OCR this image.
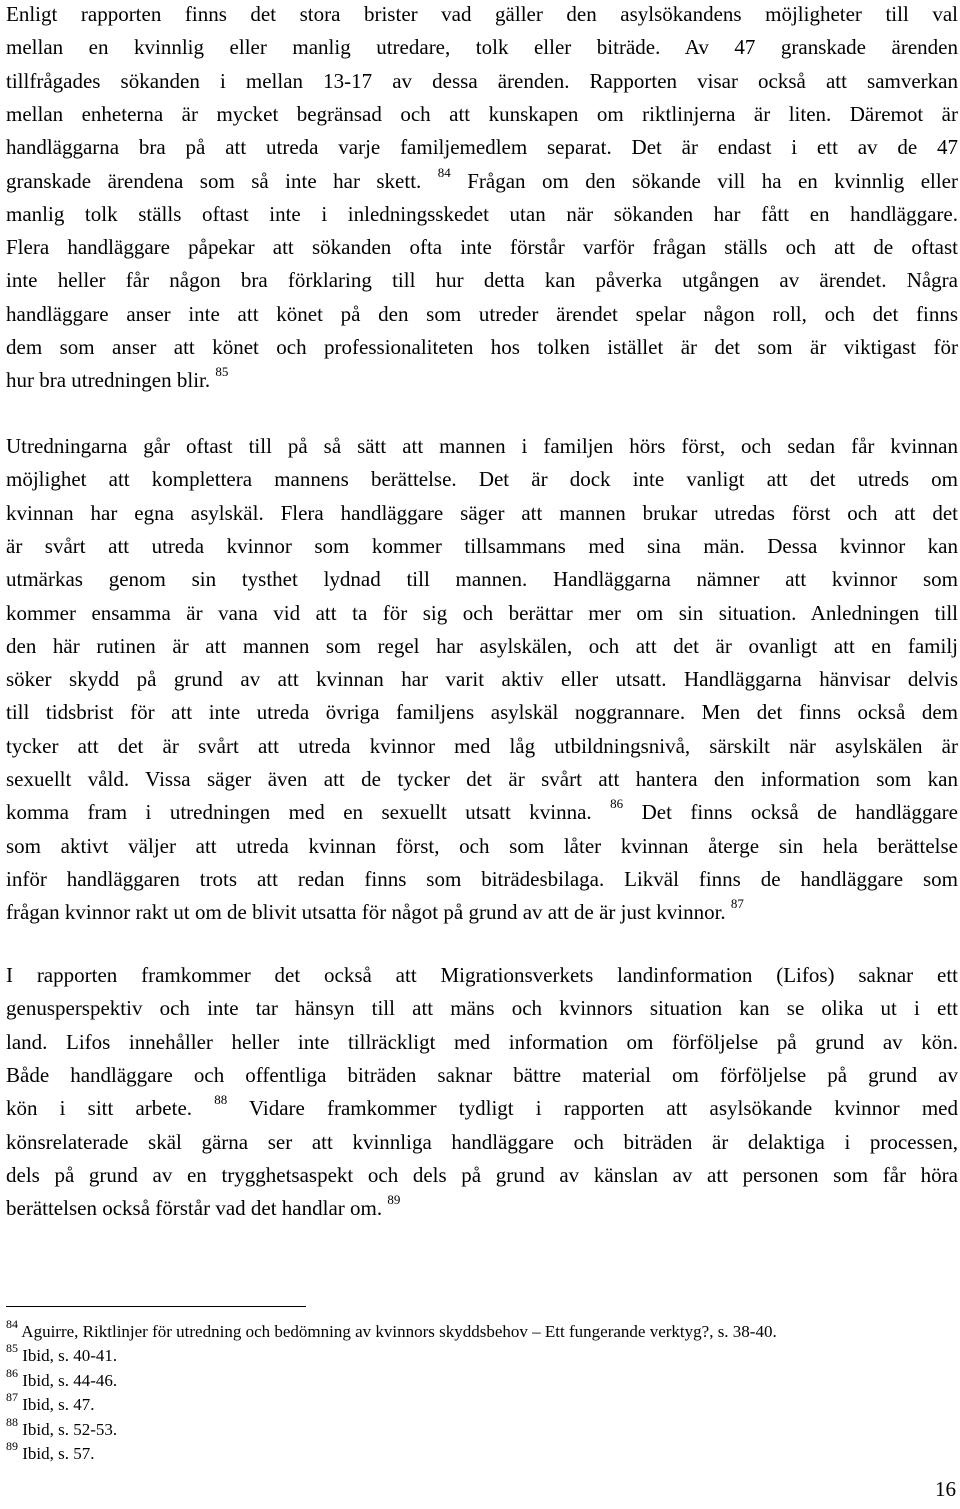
Enligt rapporten finns det stora brister vad gäller den asylsökandens möjligheter till val
mellan en kvinnlig eller manlig utredare, tolk eller biträde. Av 47 granskade ärenden
tillfrågades sökanden i mellan 13-17 av dessa ärenden. Rapporten visar också att samverkan
mellan enheterna är mycket begränsad och att kunskapen om riktlinjerna är liten. Däremot är
handläggarna bra på att utreda varje familjemedlem separat. Det är endast i ett av de 47
granskade ärendena som så inte har skett. $^{84}$ Frågan om den sökande vill ha en kvinnlig eller
manlig tolk ställs oftast inte i inledningsskedet utan när sökanden har fått en handläggare.
Flera handläggare påpekar att sökanden ofta inte förstår varför frågan ställs och att de oftast
inte heller får någon bra förklaring till hur detta kan påverka utgången av ärendet. Några
handläggare anser inte att könet på den som utreder ärendet spelar någon roll, och det finns
dem som anser att könet och professionaliteten hos tolken istället är det som är viktigast för
hur bra utredningen blir. $^{85}$
Utredningarna går oftast till på så sätt att mannen i familjen hörs först, och sedan får kvinnan
möjlighet att komplettera mannens berättelse. Det är dock inte vanligt att det utreds om
kvinnan har egna asylskäl. Flera handläggare säger att mannen brukar utredas först och att det
är svårt att utreda kvinnor som kommer tillsammans med sina män. Dessa kvinnor kan
utmärkas genom sin tysthet lydnad till mannen. Handläggarna nämner att kvinnor som
kommer ensamma är vana vid att ta för sig och berättar mer om sin situation. Anledningen till
den här rutinen är att mannen som regel har asylskälen, och att det är ovanligt att en familj
söker skydd på grund av att kvinnan har varit aktiv eller utsatt. Handläggarna hänvisar delvis
till tidsbrist för att inte utreda övriga familjens asylskäl noggrannare. Men det finns också dem
tycker att det är svårt att utreda kvinnor med låg utbildningsnivå, särskilt när asylskälen är
sexuellt våld. Vissa säger även att de tycker det är svårt att hantera den information som kan
komma fram i utredningen med en sexuellt utsatt kvinna. $^{86}$ Det finns också de handläggare
som aktivt väljer att utreda kvinnan först, och som låter kvinnan återge sin hela berättelse
inför handläggaren trots att redan finns som biträdesbilaga. Likväl finns de handläggare som
frågan kvinnor rakt ut om de blivit utsatta för något på grund av att de är just kvinnor. $^{87}$
I rapporten framkommer det också att Migrationsverkets landinformation (Lifos) saknar ett
genusperspektiv och inte tar hänsyn till att mäns och kvinnors situation kan se olika ut i ett
land. Lifos innehåller heller inte tillräckligt med information om förföljelse på grund av kön.
Både handläggare och offentliga biträden saknar bättre material om förföljelse på grund av
kön i sitt arbete. $^{88}$ Vidare framkommer tydligt i rapporten att asylsökande kvinnor med
könsrelaterade skäl gärna ser att kvinnliga handläggare och biträden är delaktiga i processen,
dels på grund av en trygghetsaspekt och dels på grund av känslan av att personen som får höra
berättelsen också förstår vad det handlar om. $^{89}$
$^{84}$ Aguirre, Riktlinjer för utredning och bedömning av kvinnors skyddsbehov – Ett fungerande verktyg?, s. 38-40.
$^{85}$ Ibid, s. 40-41.
$^{86}$ Ibid, s. 44-46.
$^{87}$ Ibid, s. 47.
$^{88}$ Ibid, s. 52-53.
$^{89}$ Ibid, s. 57.
16
